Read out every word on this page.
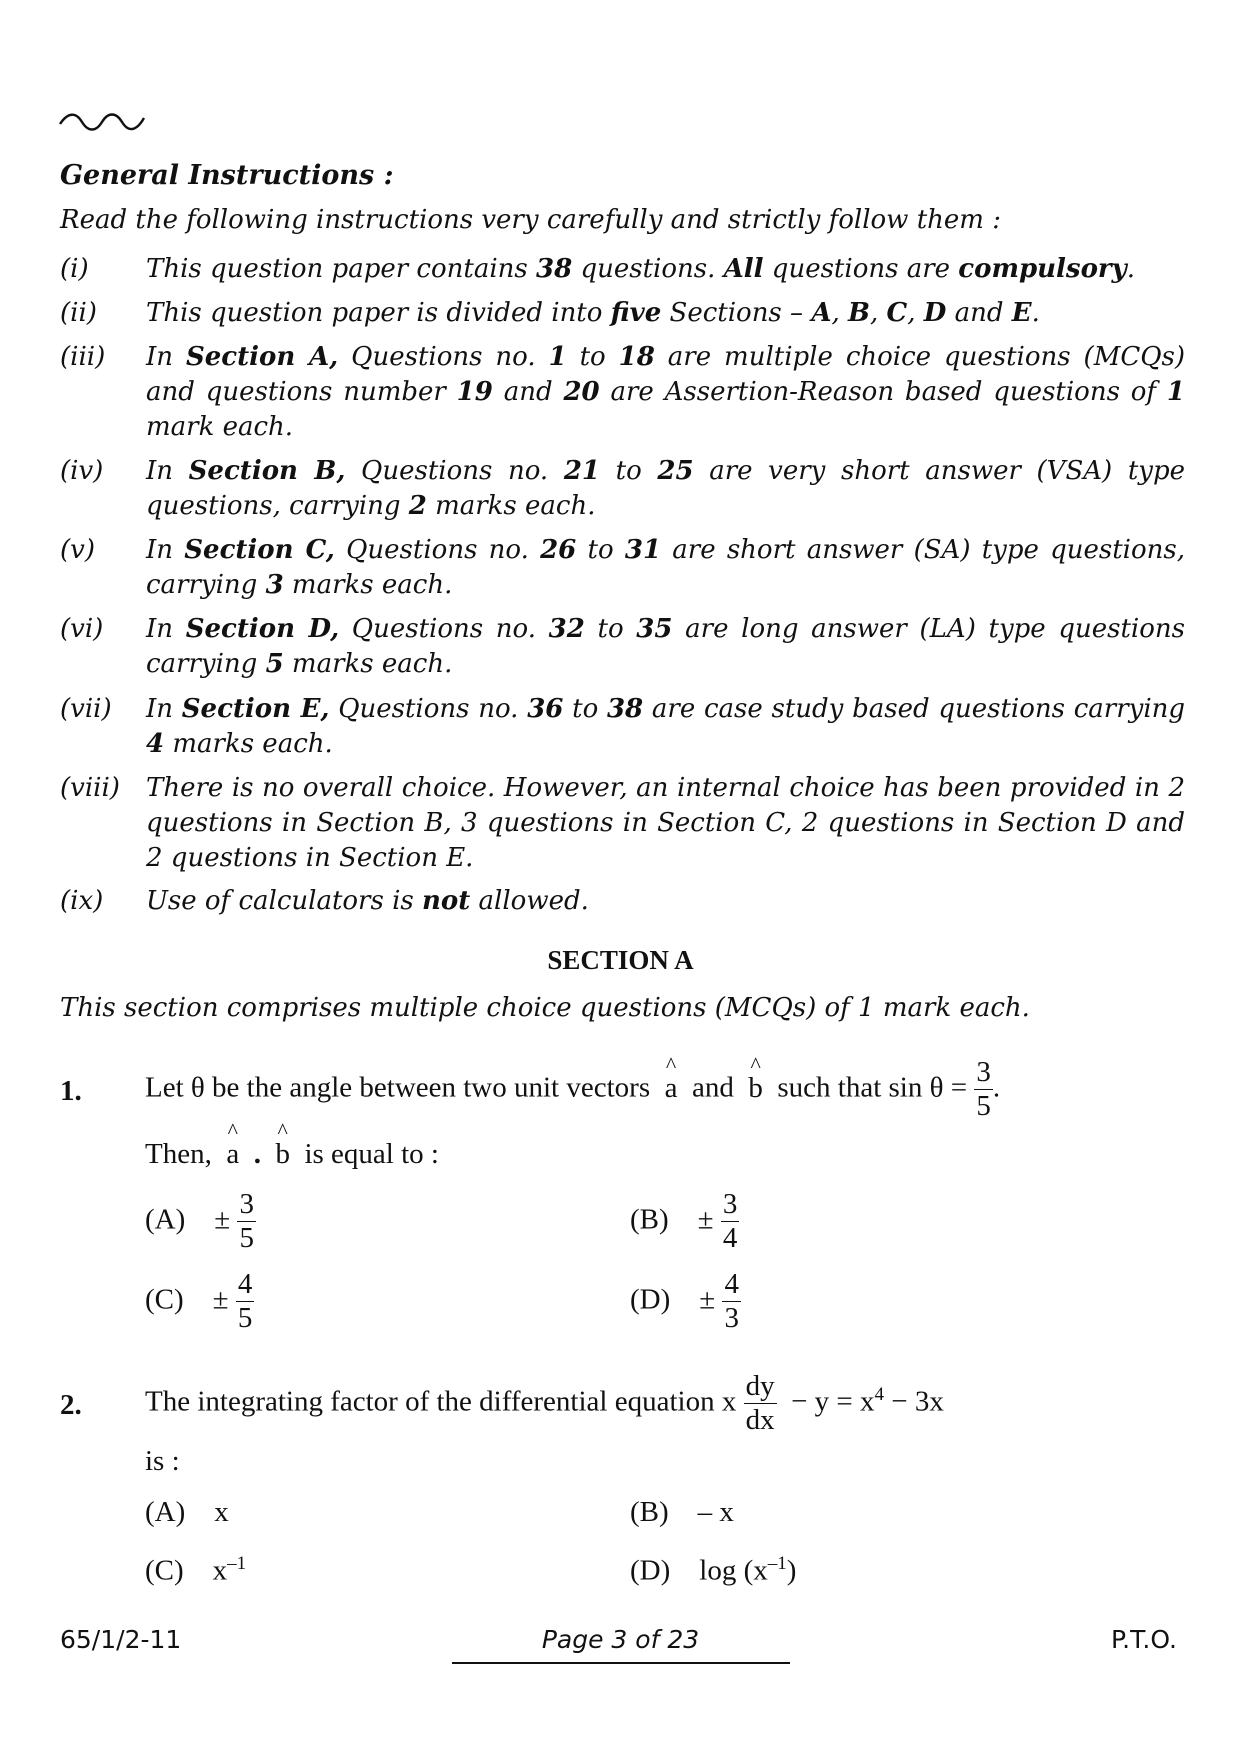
General Instructions :
Read the following instructions very carefully and strictly follow them :
(i) This question paper contains 38 questions. All questions are compulsory.
(ii) This question paper is divided into five Sections – A, B, C, D and E.
(iii) In Section A, Questions no. 1 to 18 are multiple choice questions (MCQs) and questions number 19 and 20 are Assertion-Reason based questions of 1 mark each.
(iv) In Section B, Questions no. 21 to 25 are very short answer (VSA) type questions, carrying 2 marks each.
(v) In Section C, Questions no. 26 to 31 are short answer (SA) type questions, carrying 3 marks each.
(vi) In Section D, Questions no. 32 to 35 are long answer (LA) type questions carrying 5 marks each.
(vii) In Section E, Questions no. 36 to 38 are case study based questions carrying 4 marks each.
(viii) There is no overall choice. However, an internal choice has been provided in 2 questions in Section B, 3 questions in Section C, 2 questions in Section D and 2 questions in Section E.
(ix) Use of calculators is not allowed.
SECTION A
This section comprises multiple choice questions (MCQs) of 1 mark each.
1. Let θ be the angle between two unit vectors
^
a and
^
b such that $\sin \theta = \frac{3}{5}$ .
Then,
^
a .
^
b is equal to :
$(A) \pm \frac{3}{5}$	$(B) \pm \frac{3}{4}$
$(C) \pm \frac{4}{5}$	$(D) \pm \frac{4}{3}$
2. The integrating factor of the differential equation x $\frac{dy}{dx} - y = x^4 - 3x$
is :
(A) x	(B) – x
(C) $x^{-1}$	(D) $\log (x^{-1})$
65/1/2-11	Page 3 of 23	P.T.O.
